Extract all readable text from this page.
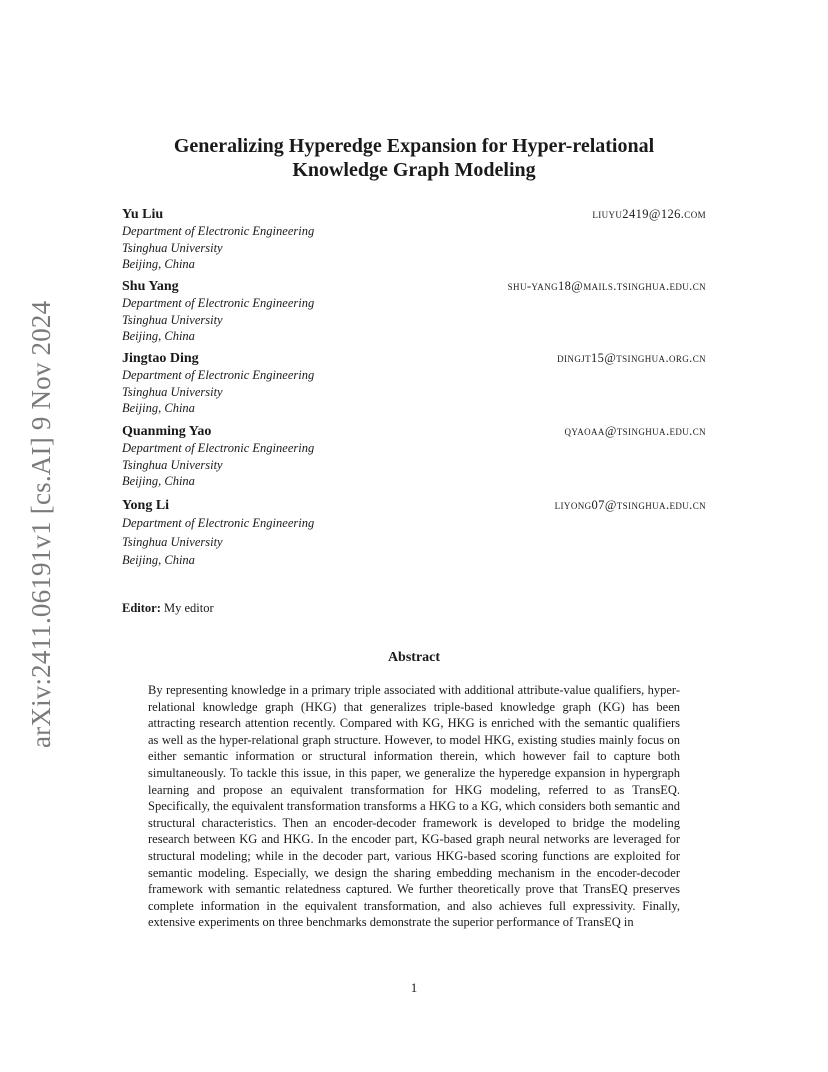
arXiv:2411.06191v1 [cs.AI] 9 Nov 2024
Generalizing Hyperedge Expansion for Hyper-relational
Knowledge Graph Modeling
Yu Liu	liuyu2419@126.com
Department of Electronic Engineering
Tsinghua University
Beijing, China
Shu Yang	shu-yang18@mails.tsinghua.edu.cn
Department of Electronic Engineering
Tsinghua University
Beijing, China
Jingtao Ding	dingjt15@tsinghua.org.cn
Department of Electronic Engineering
Tsinghua University
Beijing, China
Quanming Yao	qyaoaa@tsinghua.edu.cn
Department of Electronic Engineering
Tsinghua University
Beijing, China
Yong Li	liyong07@tsinghua.edu.cn
Department of Electronic Engineering
Tsinghua University
Beijing, China
Editor: My editor
Abstract
By representing knowledge in a primary triple associated with additional attribute-value qualifiers, hyper-relational knowledge graph (HKG) that generalizes triple-based knowledge graph (KG) has been attracting research attention recently. Compared with KG, HKG is enriched with the semantic qualifiers as well as the hyper-relational graph structure. However, to model HKG, existing studies mainly focus on either semantic information or structural information therein, which however fail to capture both simultaneously. To tackle this issue, in this paper, we generalize the hyperedge expansion in hypergraph learning and propose an equivalent transformation for HKG modeling, referred to as TransEQ. Specifically, the equivalent transformation transforms a HKG to a KG, which considers both semantic and structural characteristics. Then an encoder-decoder framework is developed to bridge the modeling research between KG and HKG. In the encoder part, KG-based graph neural networks are leveraged for structural modeling; while in the decoder part, various HKG-based scoring functions are exploited for semantic modeling. Especially, we design the sharing embedding mechanism in the encoder-decoder framework with semantic relatedness captured. We further theoretically prove that TransEQ preserves complete information in the equivalent transformation, and also achieves full expressivity. Finally, extensive experiments on three benchmarks demonstrate the superior performance of TransEQ in
1
